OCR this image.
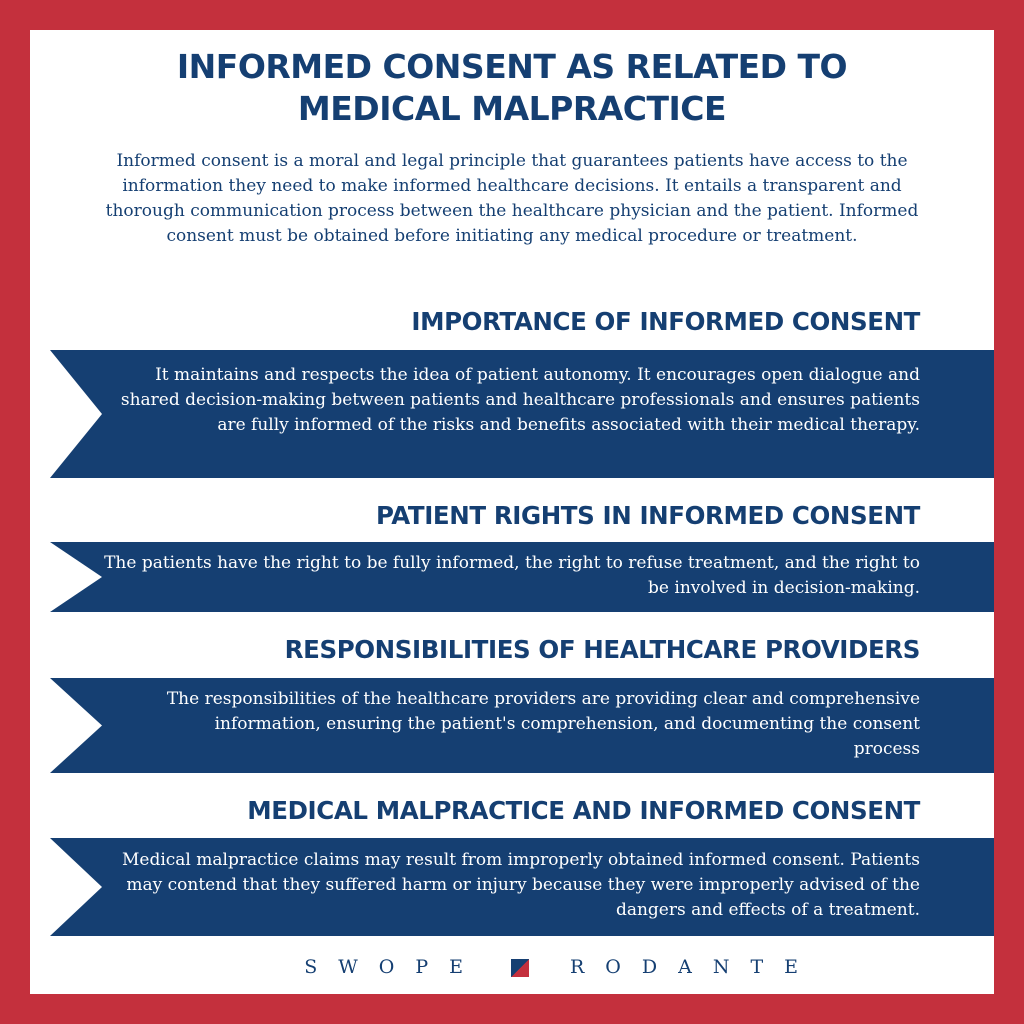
INFORMED CONSENT AS RELATED TO
MEDICAL MALPRACTICE
Informed consent is a moral and legal principle that guarantees patients have access to the information they need to make informed healthcare decisions. It entails a transparent and thorough communication process between the healthcare physician and the patient. Informed consent must be obtained before initiating any medical procedure or treatment.
IMPORTANCE OF INFORMED CONSENT
It maintains and respects the idea of patient autonomy. It encourages open dialogue and shared decision-making between patients and healthcare professionals and ensures patients are fully informed of the risks and benefits associated with their medical therapy.
PATIENT RIGHTS IN INFORMED CONSENT
The patients have the right to be fully informed, the right to refuse treatment, and the right to be involved in decision-making.
RESPONSIBILITIES OF HEALTHCARE PROVIDERS
The responsibilities of the healthcare providers are providing clear and comprehensive information, ensuring the patient's comprehension, and documenting the consent process
MEDICAL MALPRACTICE AND INFORMED CONSENT
Medical malpractice claims may result from improperly obtained informed consent. Patients may contend that they suffered harm or injury because they were improperly advised of the dangers and effects of a treatment.
SWOPE	RODANTE
